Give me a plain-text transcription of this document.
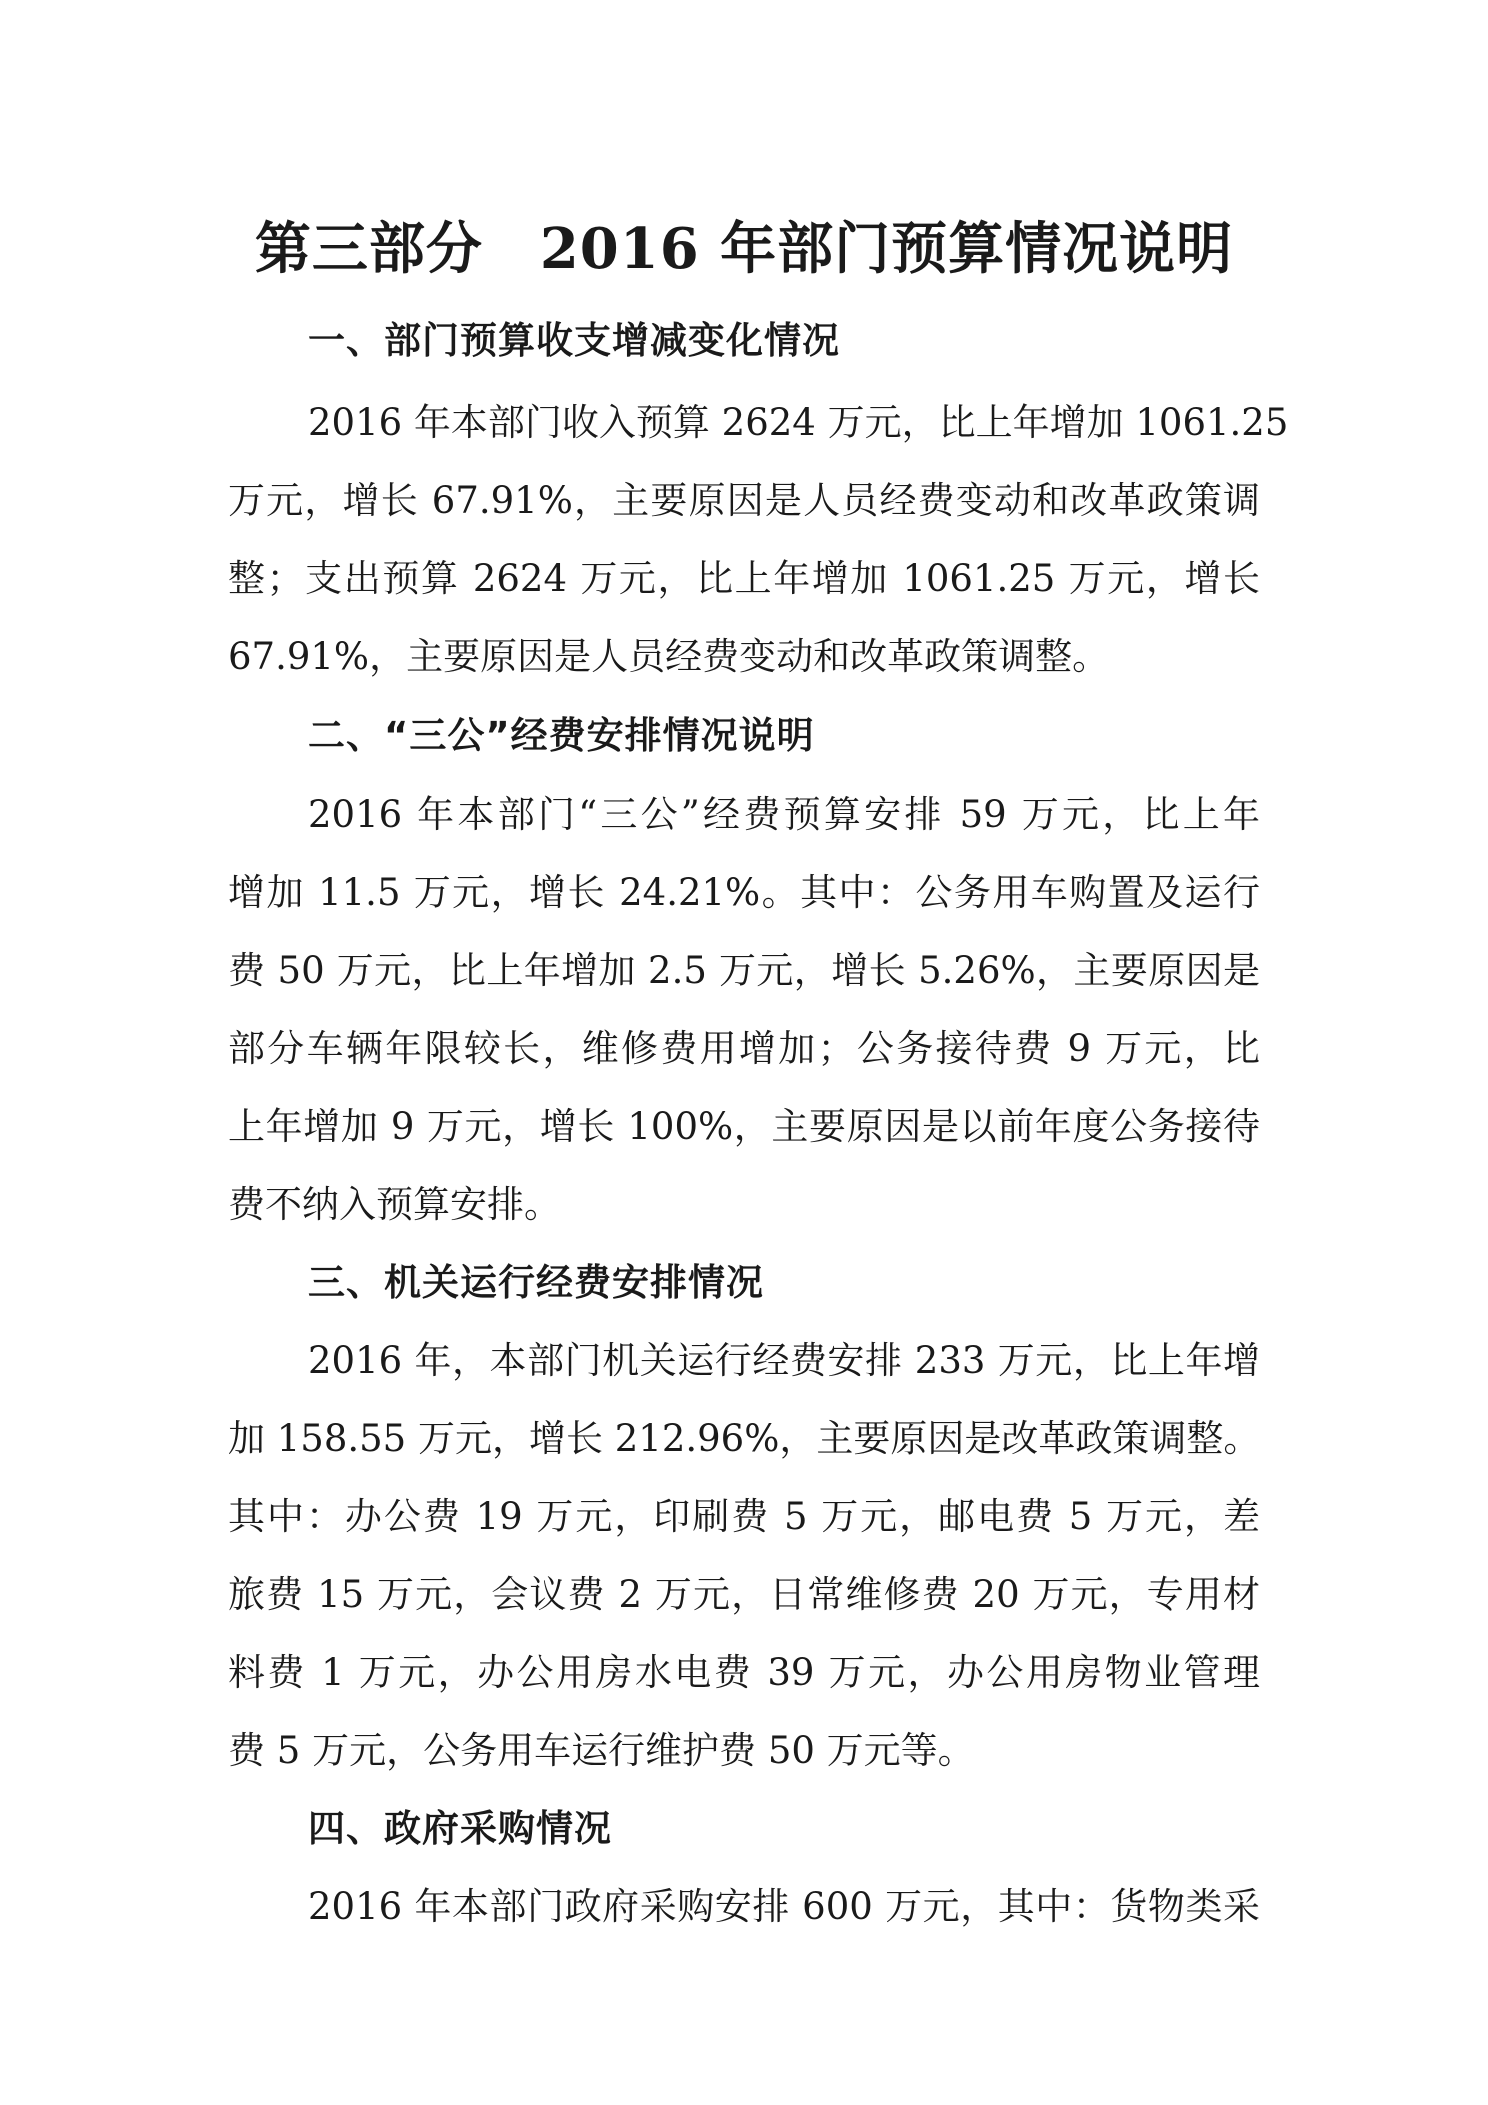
第三部分　2016 年部门预算情况说明
一、部门预算收支增减变化情况

2016 年本部门收入预算 2624 万元，比上年增加 1061.25

万元，增长 67.91%，主要原因是人员经费变动和改革政策调

整；支出预算 2624 万元，比上年增加 1061.25 万元，增长

67.91%，主要原因是人员经费变动和改革政策调整。

二、“三公”经费安排情况说明

2016 年本部门“三公”经费预算安排 59 万元，比上年

增加 11.5 万元，增长 24.21%。其中：公务用车购置及运行

费 50 万元，比上年增加 2.5 万元，增长 5.26%，主要原因是

部分车辆年限较长，维修费用增加；公务接待费 9 万元，比

上年增加 9 万元，增长 100%，主要原因是以前年度公务接待

费不纳入预算安排。

三、机关运行经费安排情况

2016 年，本部门机关运行经费安排 233 万元，比上年增

加 158.55 万元，增长 212.96%，主要原因是改革政策调整。

其中：办公费 19 万元，印刷费 5 万元，邮电费 5 万元，差

旅费 15 万元，会议费 2 万元，日常维修费 20 万元，专用材

料费 1 万元，办公用房水电费 39 万元，办公用房物业管理

费 5 万元，公务用车运行维护费 50 万元等。

四、政府采购情况

2016 年本部门政府采购安排 600 万元，其中：货物类采
